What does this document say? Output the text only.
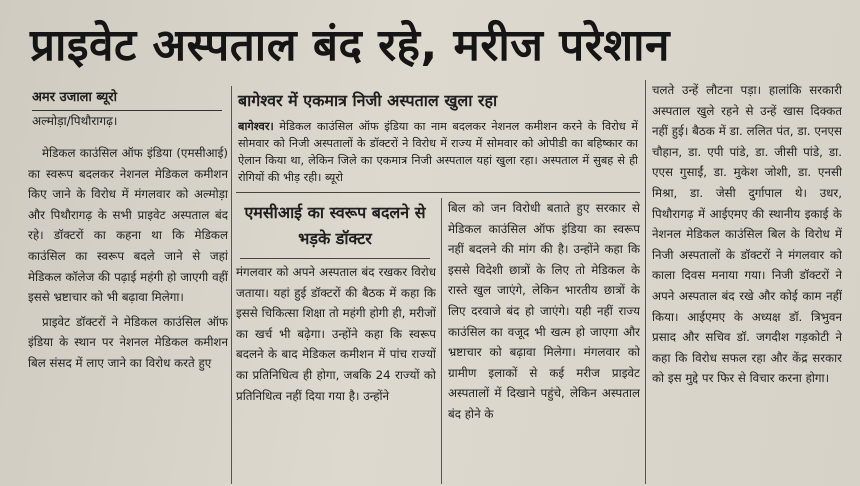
प्राइवेट अस्पताल बंद रहे, मरीज परेशान
अमर उजाला ब्यूरो
अल्मोड़ा/पिथौरागढ़।

मेडिकल काउंसिल ऑफ इंडिया (एमसीआई) का स्वरूप बदलकर नेशनल मेडिकल कमीशन किए जाने के विरोध में मंगलवार को अल्मोड़ा और पिथौरागढ़ के सभी प्राइवेट अस्पताल बंद रहे। डॉक्टरों का कहना था कि मेडिकल काउंसिल का स्वरूप बदले जाने से जहां मेडिकल कॉलेज की पढ़ाई महंगी हो जाएगी वहीं इससे भ्रष्टाचार को भी बढ़ावा मिलेगा।

प्राइवेट डॉक्टरों ने मेडिकल काउंसिल ऑफ इंडिया के स्थान पर नेशनल मेडिकल कमीशन बिल संसद में लाए जाने का विरोध करते हुए

बागेश्वर में एकमात्र निजी अस्पताल खुला रहा
बागेश्वर। मेडिकल काउंसिल ऑफ इंडिया का नाम बदलकर नेशनल कमीशन करने के विरोध में सोमवार को निजी अस्पतालों के डॉक्टरों ने विरोध में राज्य में सोमवार को ओपीडी का बहिष्कार का ऐलान किया था, लेकिन जिले का एकमात्र निजी अस्पताल यहां खुला रहा। अस्पताल में सुबह से ही रोगियों की भीड़ रही। ब्यूरो
एमसीआई का स्वरूप बदलने से भड़के डॉक्टर

मंगलवार को अपने अस्पताल बंद रखकर विरोध जताया। यहां हुई डॉक्टरों की बैठक में कहा कि इससे चिकित्सा शिक्षा तो महंगी होगी ही, मरीजों का खर्च भी बढ़ेगा। उन्होंने कहा कि स्वरूप बदलने के बाद मेडिकल कमीशन में पांच राज्यों का प्रतिनिधित्व ही होगा, जबकि 24 राज्यों को प्रतिनिधित्व नहीं दिया गया है। उन्होंने

बिल को जन विरोधी बताते हुए सरकार से मेडिकल काउंसिल ऑफ इंडिया का स्वरूप नहीं बदलने की मांग की है। उन्होंने कहा कि इससे विदेशी छात्रों के लिए तो मेडिकल के रास्ते खुल जाएंगे, लेकिन भारतीय छात्रों के लिए दरवाजे बंद हो जाएंगे। यही नहीं राज्य काउंसिल का वजूद भी खत्म हो जाएगा और भ्रष्टाचार को बढ़ावा मिलेगा। मंगलवार को ग्रामीण इलाकों से कई मरीज प्राइवेट अस्पतालों में दिखाने पहुंचे, लेकिन अस्पताल बंद होने के

चलते उन्हें लौटना पड़ा। हालांकि सरकारी अस्पताल खुले रहने से उन्हें खास दिक्कत नहीं हुई। बैठक में डा. ललित पंत, डा. एनएस चौहान, डा. एपी पांडे, डा. जीसी पांडे, डा. एएस गुसाईं, डा. मुकेश जोशी, डा. एनसी मिश्रा, डा. जेसी दुर्गापाल थे। उधर, पिथौरागढ़ में आईएमए की स्थानीय इकाई के नेशनल मेडिकल काउंसिल बिल के विरोध में निजी अस्पतालों के डॉक्टरों ने मंगलवार को काला दिवस मनाया गया। निजी डॉक्टरों ने अपने अस्पताल बंद रखे और कोई काम नहीं किया। आईएमए के अध्यक्ष डॉ. त्रिभुवन प्रसाद और सचिव डॉ. जगदीश गड़कोटी ने कहा कि विरोध सफल रहा और केंद्र सरकार को इस मुद्दे पर फिर से विचार करना होगा।
